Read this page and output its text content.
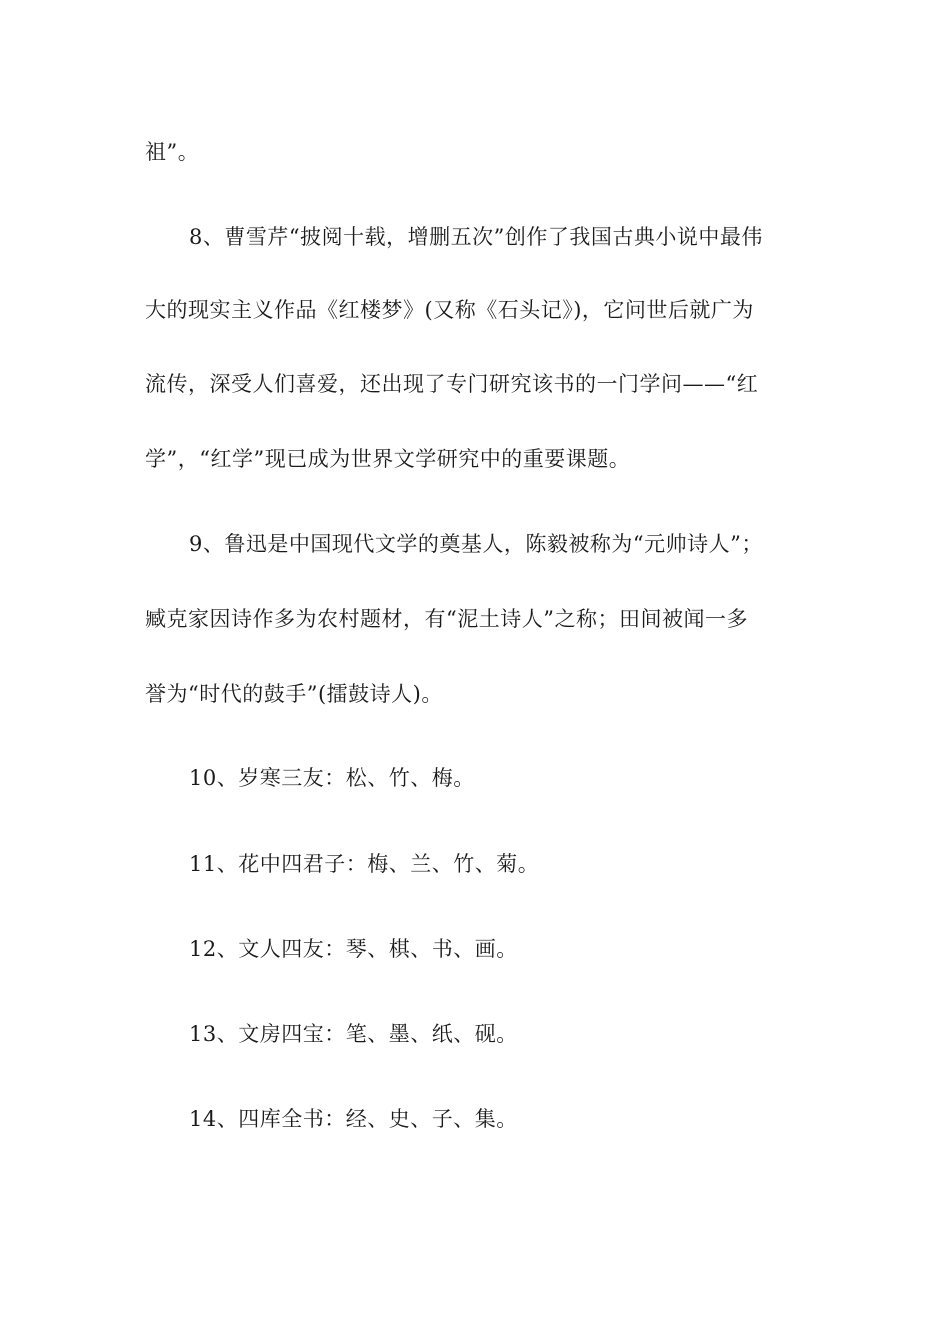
祖”。
8、曹雪芹“披阅十载，增删五次”创作了我国古典小说中最伟
大的现实主义作品《红楼梦》(又称《石头记》)，它问世后就广为
流传，深受人们喜爱，还出现了专门研究该书的一门学问——“红
学”，“红学”现已成为世界文学研究中的重要课题。
9、鲁迅是中国现代文学的奠基人，陈毅被称为“元帅诗人”；
臧克家因诗作多为农村题材，有“泥土诗人”之称；田间被闻一多
誉为“时代的鼓手”(擂鼓诗人)。
10、岁寒三友：松、竹、梅。
11、花中四君子：梅、兰、竹、菊。
12、文人四友：琴、棋、书、画。
13、文房四宝：笔、墨、纸、砚。
14、四库全书：经、史、子、集。
